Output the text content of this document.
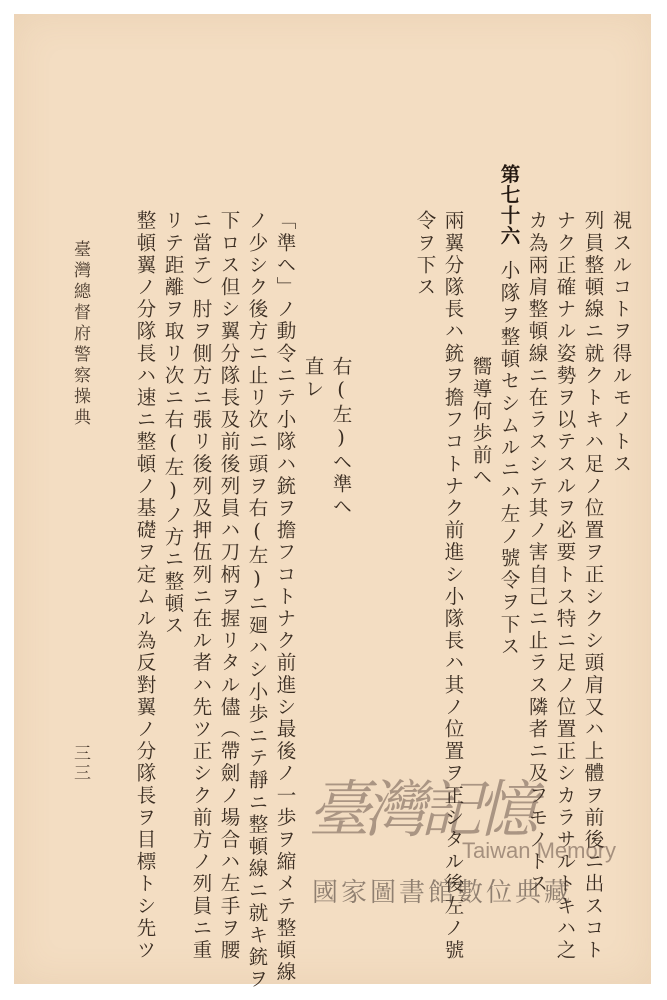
視スルコトヲ得ルモノトス
列員整頓線ニ就クトキハ足ノ位置ヲ正シクシ頭肩又ハ上體ヲ前後ニ出スコト
ナク正確ナル姿勢ヲ以テスルヲ必要トス特ニ足ノ位置正シカラサルトキハ之
カ為兩肩整頓線ニ在ラスシテ其ノ害自己ニ止ラス隣者ニ及フモノトス
第七十六
小隊ヲ整頓セシムルニハ左ノ號令ヲ下ス
嚮導何歩前ヘ
兩翼分隊長ハ銃ヲ擔フコトナク前進シ小隊長ハ其ノ位置ヲ正シタル後左ノ號
令ヲ下ス
右(左)ヘ準ヘ
直レ
「準ヘ」ノ動令ニテ小隊ハ銃ヲ擔フコトナク前進シ最後ノ一歩ヲ縮メテ整頓線
ノ少シク後方ニ止リ次ニ頭ヲ右(左)ニ廻ハシ小歩ニテ靜ニ整頓線ニ就キ銃ヲ
下ロス但シ翼分隊長及前後列員ハ刀柄ヲ握リタル儘（帶劍ノ場合ハ左手ヲ腰
ニ當テ）肘ヲ側方ニ張リ後列及押伍列ニ在ル者ハ先ツ正シク前方ノ列員ニ重
リテ距離ヲ取リ次ニ右(左)ノ方ニ整頓ス
整頓翼ノ分隊長ハ速ニ整頓ノ基礎ヲ定ムル為反對翼ノ分隊長ヲ目標トシ先ツ
臺灣總督府警察操典
三三
臺灣記憶
Taiwan Memory
國家圖書館數位典藏
